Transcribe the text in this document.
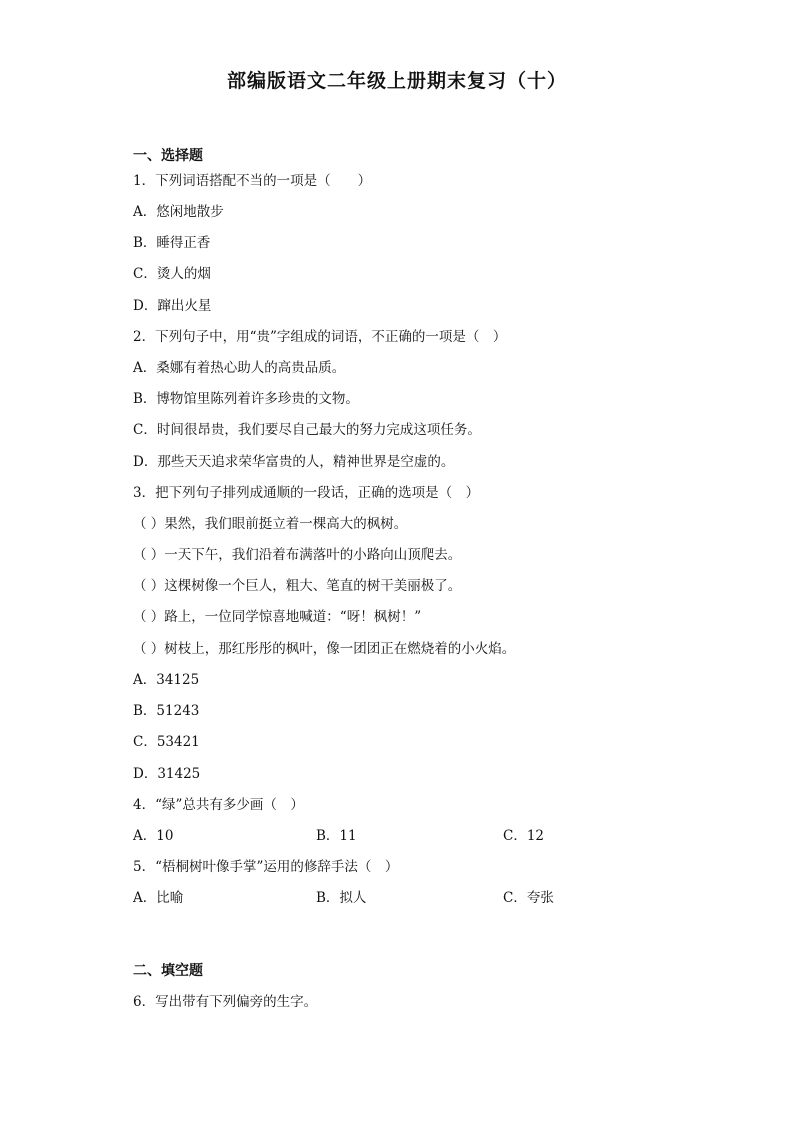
部编版语文二年级上册期末复习（十）
一、选择题
1．下列词语搭配不当的一项是（　　）
A．悠闲地散步
B．睡得正香
C．烫人的烟
D．蹿出火星
2．下列句子中，用“贵”字组成的词语，不正确的一项是（　）
A．桑娜有着热心助人的高贵品质。
B．博物馆里陈列着许多珍贵的文物。
C．时间很昂贵，我们要尽自己最大的努力完成这项任务。
D．那些天天追求荣华富贵的人，精神世界是空虚的。
3．把下列句子排列成通顺的一段话，正确的选项是（　）
（ ）果然，我们眼前挺立着一棵高大的枫树。
（ ）一天下午，我们沿着布满落叶的小路向山顶爬去。
（ ）这棵树像一个巨人，粗大、笔直的树干美丽极了。
（ ）路上，一位同学惊喜地喊道：“呀！枫树！”
（ ）树枝上，那红彤彤的枫叶，像一团团正在燃烧着的小火焰。
A．34125
B．51243
C．53421
D．31425
4．“绿”总共有多少画（　）
A．10	B．11	C．12
5．“梧桐树叶像手掌”运用的修辞手法（　）
A．比喻	B．拟人	C．夸张
二、填空题
6．写出带有下列偏旁的生字。
